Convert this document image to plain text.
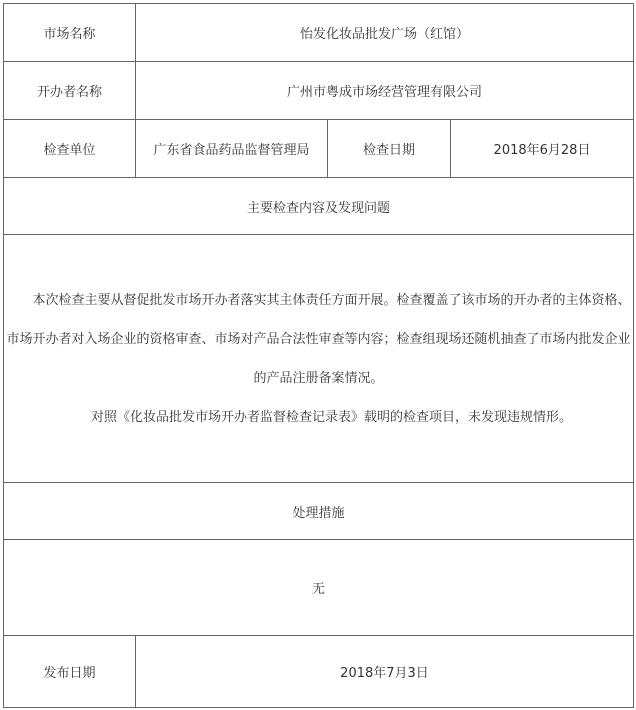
市场名称	怡发化妆品批发广场（红馆）		
开办者名称	广州市粤成市场经营管理有限公司		
检查单位	广东省食品药品监督管理局	检查日期	2018年6月28日
主要检查内容及发现问题			

本次检查主要从督促批发市场开办者落实其主体责任方面开展。检查覆盖了该市场的开办者的主体资格、市场开办者对入场企业的资格审查、市场对产品合法性审查等内容；检查组现场还随机抽查了市场内批发企业的产品注册备案情况。

对照《化妆品批发市场开办者监督检查记录表》载明的检查项目，未发现违规情形。			

处理措施			
无			
发布日期	2018年7月3日		
